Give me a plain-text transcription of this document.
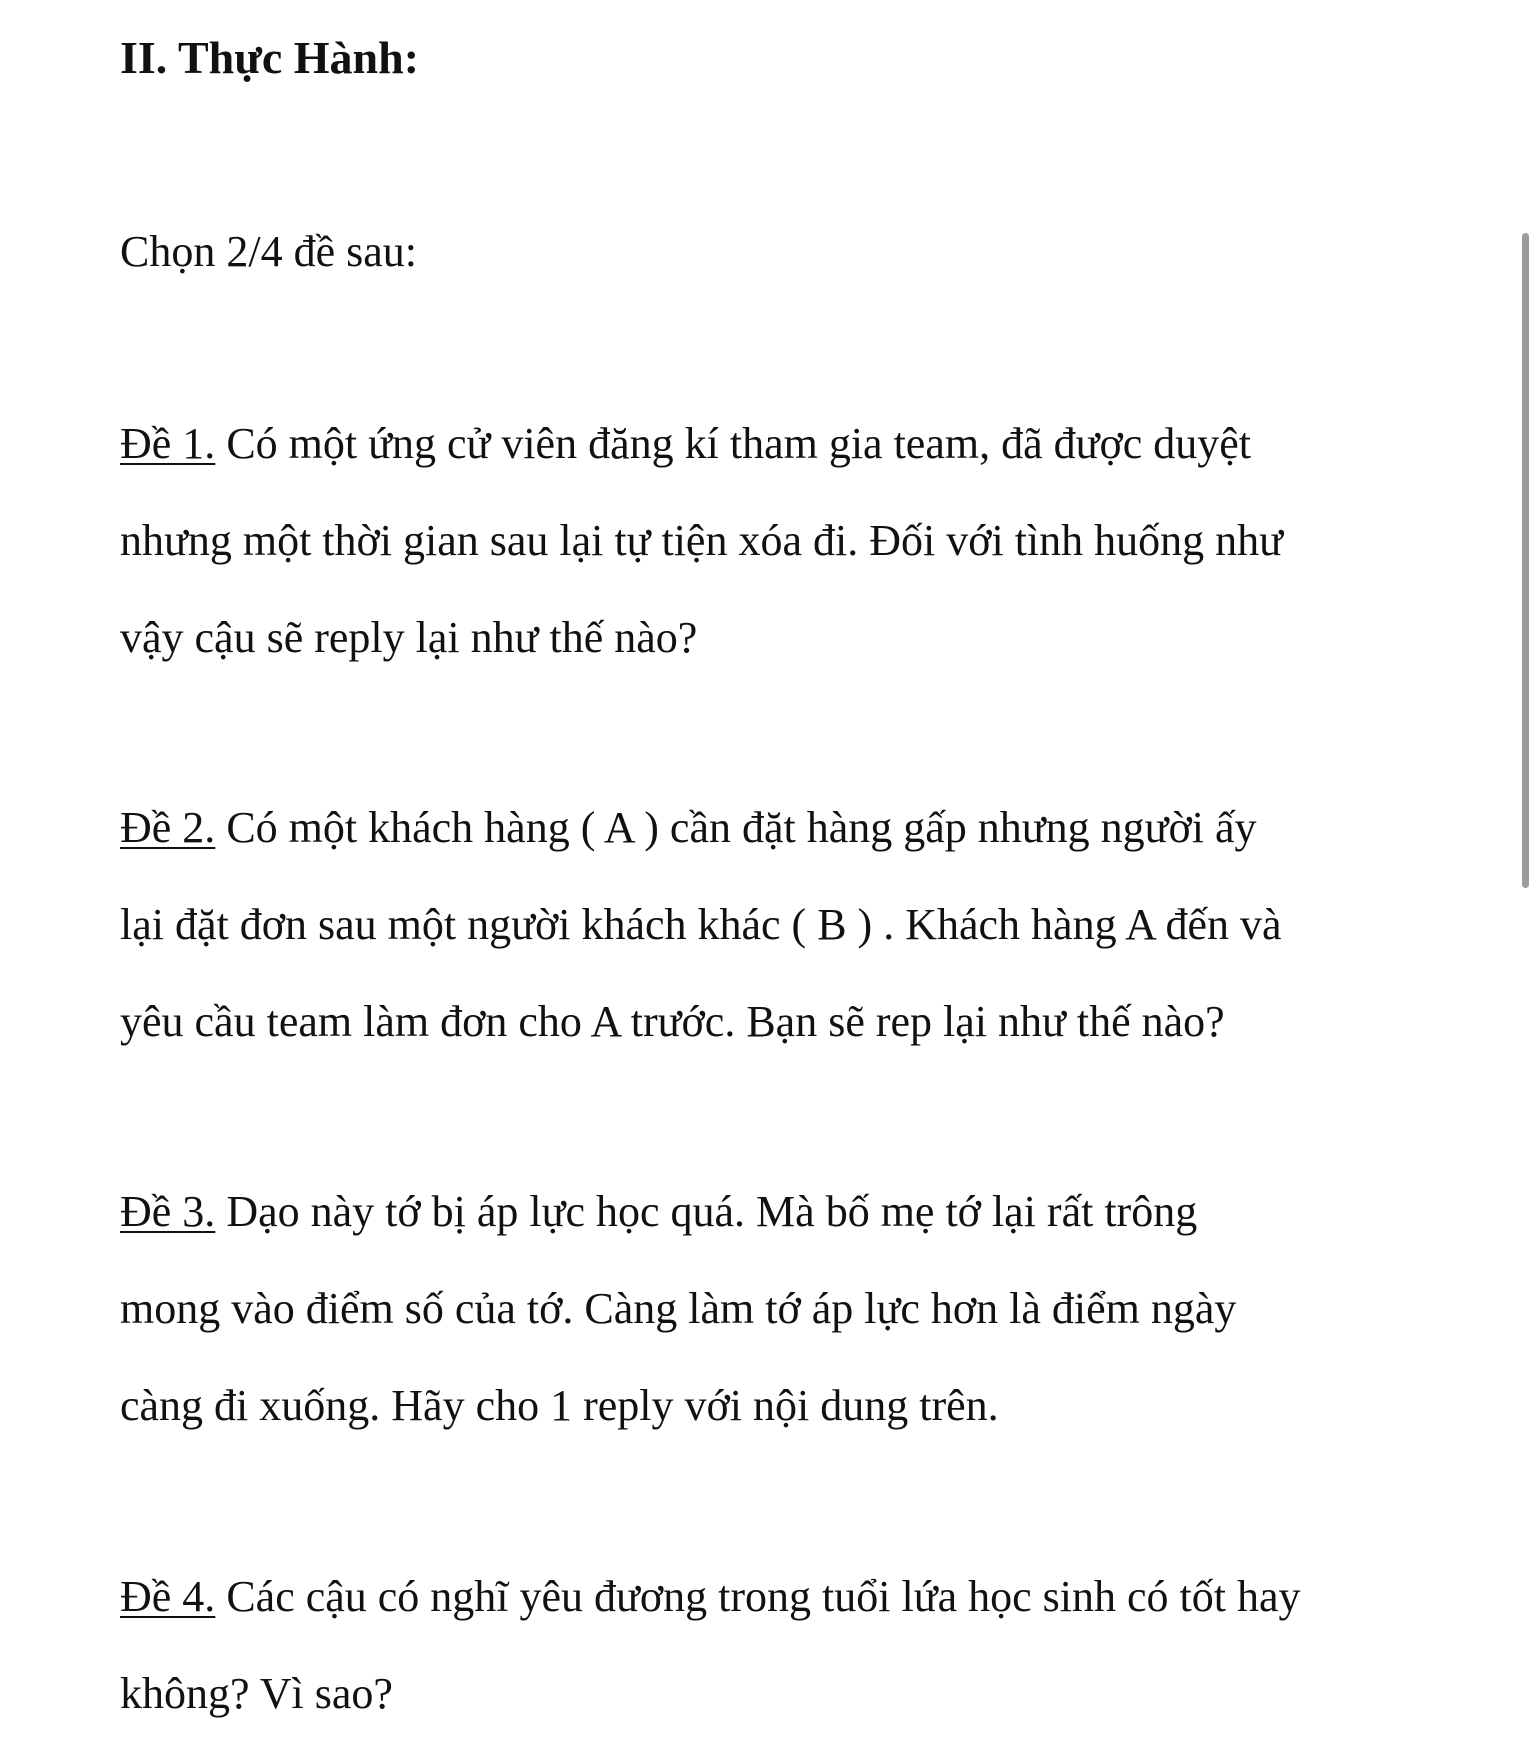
II. Thực Hành:
Chọn 2/4 đề sau:
Đề 1. Có một ứng cử viên đăng kí tham gia team, đã được duyệt
nhưng một thời gian sau lại tự tiện xóa đi. Đối với tình huống như
vậy cậu sẽ reply lại như thế nào?
Đề 2. Có một khách hàng ( A ) cần đặt hàng gấp nhưng người ấy
lại đặt đơn sau một người khách khác ( B ) . Khách hàng A đến và
yêu cầu team làm đơn cho A trước. Bạn sẽ rep lại như thế nào?
Đề 3. Dạo này tớ bị áp lực học quá. Mà bố mẹ tớ lại rất trông
mong vào điểm số của tớ. Càng làm tớ áp lực hơn là điểm ngày
càng đi xuống. Hãy cho 1 reply với nội dung trên.
Đề 4. Các cậu có nghĩ yêu đương trong tuổi lứa học sinh có tốt hay
không? Vì sao?
